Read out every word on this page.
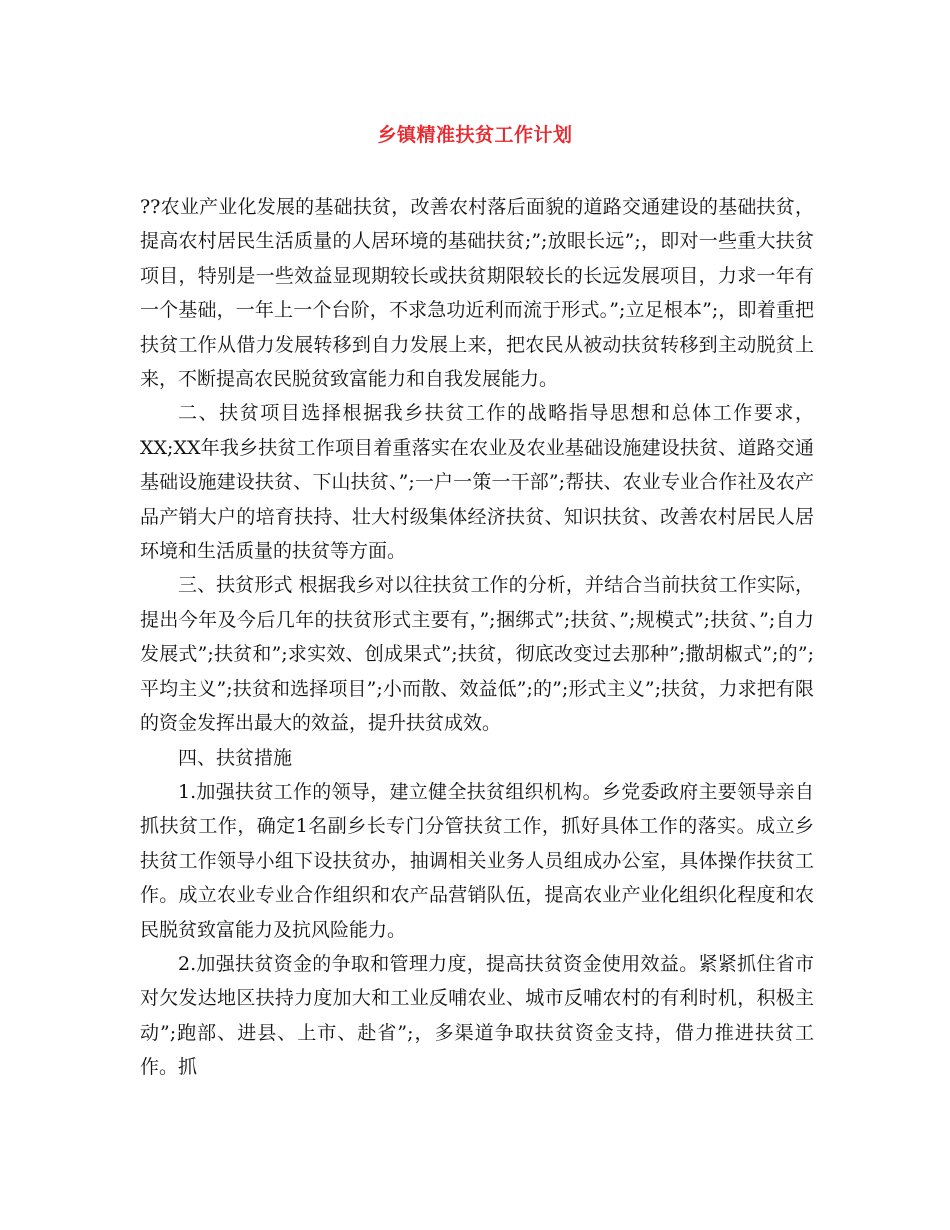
乡镇精准扶贫工作计划

??农业产业化发展的基础扶贫，改善农村落后面貌的道路交通建设的基础扶贫，提高农村居民生活质量的人居环境的基础扶贫;”;放眼长远”;，即对一些重大扶贫项目，特别是一些效益显现期较长或扶贫期限较长的长远发展项目，力求一年有一个基础，一年上一个台阶，不求急功近利而流于形式。”;立足根本”;，即着重把扶贫工作从借力发展转移到自力发展上来，把农民从被动扶贫转移到主动脱贫上来，不断提高农民脱贫致富能力和自我发展能力。

二、扶贫项目选择根据我乡扶贫工作的战略指导思想和总体工作要求，XX;XX年我乡扶贫工作项目着重落实在农业及农业基础设施建设扶贫、道路交通基础设施建设扶贫、下山扶贫、”;一户一策一干部”;帮扶、农业专业合作社及农产品产销大户的培育扶持、壮大村级集体经济扶贫、知识扶贫、改善农村居民人居环境和生活质量的扶贫等方面。

三、扶贫形式 根据我乡对以往扶贫工作的分析，并结合当前扶贫工作实际，提出今年及今后几年的扶贫形式主要有，”;捆绑式”;扶贫、”;规模式”;扶贫、”;自力发展式”;扶贫和”;求实效、创成果式”;扶贫，彻底改变过去那种”;撒胡椒式”;的”;平均主义”;扶贫和选择项目”;小而散、效益低”;的”;形式主义”;扶贫，力求把有限的资金发挥出最大的效益，提升扶贫成效。

四、扶贫措施

1.加强扶贫工作的领导，建立健全扶贫组织机构。乡党委政府主要领导亲自抓扶贫工作，确定1名副乡长专门分管扶贫工作，抓好具体工作的落实。成立乡扶贫工作领导小组下设扶贫办，抽调相关业务人员组成办公室，具体操作扶贫工作。成立农业专业合作组织和农产品营销队伍，提高农业产业化组织化程度和农民脱贫致富能力及抗风险能力。

2.加强扶贫资金的争取和管理力度，提高扶贫资金使用效益。紧紧抓住省市对欠发达地区扶持力度加大和工业反哺农业、城市反哺农村的有利时机，积极主动”;跑部、进县、上市、赴省”;，多渠道争取扶贫资金支持，借力推进扶贫工作。抓
